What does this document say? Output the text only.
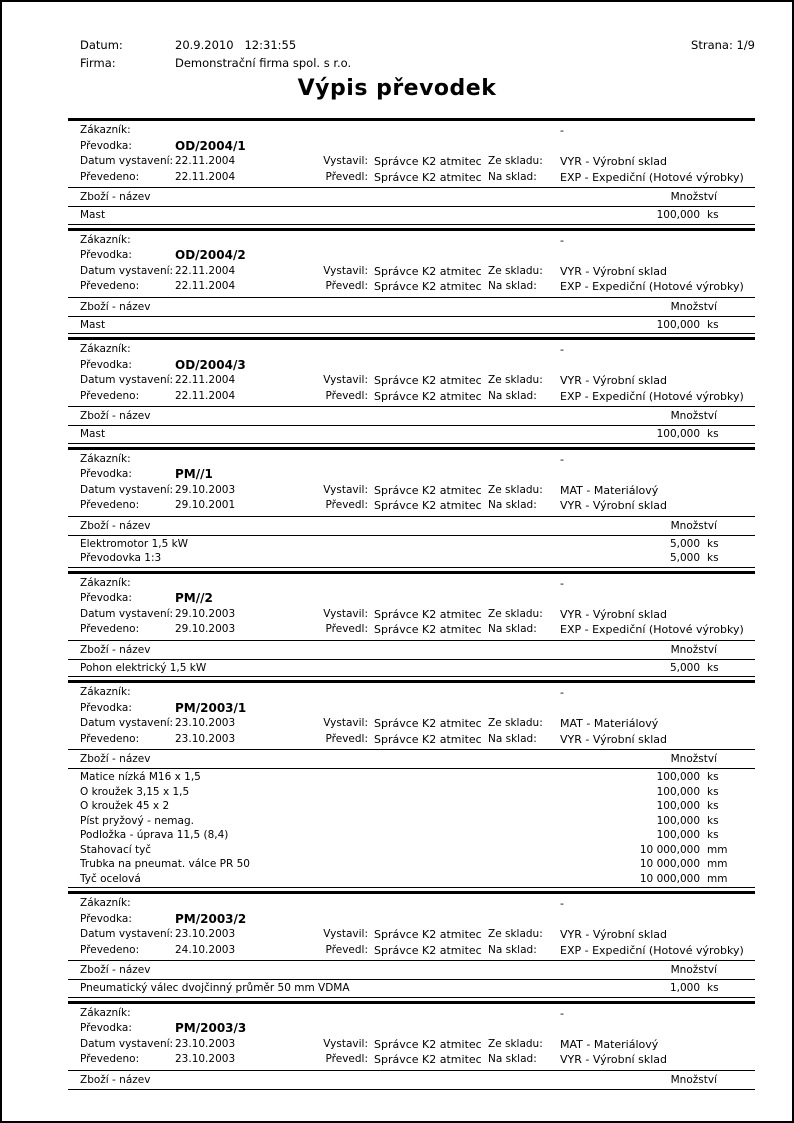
Datum:	20.9.2010   12:31:55	Strana: 1/9
Firma:	Demonstrační firma spol. s r.o.
Výpis převodek
Zákazník:	-
Převodka:	OD/2004/1
Datum vystavení: 22.11.2004	Vystavil: Správce K2 atmitec Ze skladu: VYR - Výrobní sklad
Převedeno:	22.11.2004	Převedl: Správce K2 atmitec Na sklad: EXP - Expediční (Hotové výrobky)
Zboží - název	Množství
Mast	100,000 ks
Zákazník:	-
Převodka:	OD/2004/2
Datum vystavení: 22.11.2004	Vystavil: Správce K2 atmitec Ze skladu: VYR - Výrobní sklad
Převedeno:	22.11.2004	Převedl: Správce K2 atmitec Na sklad: EXP - Expediční (Hotové výrobky)
Zboží - název	Množství
Mast	100,000 ks
Zákazník:	-
Převodka:	OD/2004/3
Datum vystavení: 22.11.2004	Vystavil: Správce K2 atmitec Ze skladu: VYR - Výrobní sklad
Převedeno:	22.11.2004	Převedl: Správce K2 atmitec Na sklad: EXP - Expediční (Hotové výrobky)
Zboží - název	Množství
Mast	100,000 ks
Zákazník:	-
Převodka:	PM//1
Datum vystavení: 29.10.2003	Vystavil: Správce K2 atmitec Ze skladu: MAT - Materiálový
Převedeno:	29.10.2001	Převedl: Správce K2 atmitec Na sklad: VYR - Výrobní sklad
Zboží - název	Množství
Elektromotor 1,5 kW	5,000 ks
Převodovka 1:3	5,000 ks
Zákazník:	-
Převodka:	PM//2
Datum vystavení: 29.10.2003	Vystavil: Správce K2 atmitec Ze skladu: VYR - Výrobní sklad
Převedeno:	29.10.2003	Převedl: Správce K2 atmitec Na sklad: EXP - Expediční (Hotové výrobky)
Zboží - název	Množství
Pohon elektrický 1,5 kW	5,000 ks
Zákazník:	-
Převodka:	PM/2003/1
Datum vystavení: 23.10.2003	Vystavil: Správce K2 atmitec Ze skladu: MAT - Materiálový
Převedeno:	23.10.2003	Převedl: Správce K2 atmitec Na sklad: VYR - Výrobní sklad
Zboží - název	Množství
Matice nízká M16 x 1,5	100,000 ks
O kroužek 3,15 x 1,5	100,000 ks
O kroužek 45 x 2	100,000 ks
Píst pryžový - nemag.	100,000 ks
Podložka - úprava 11,5 (8,4)	100,000 ks
Stahovací tyč	10 000,000 mm
Trubka na pneumat. válce PR 50	10 000,000 mm
Tyč ocelová	10 000,000 mm
Zákazník:	-
Převodka:	PM/2003/2
Datum vystavení: 23.10.2003	Vystavil: Správce K2 atmitec Ze skladu: VYR - Výrobní sklad
Převedeno:	24.10.2003	Převedl: Správce K2 atmitec Na sklad: EXP - Expediční (Hotové výrobky)
Zboží - název	Množství
Pneumatický válec dvojčinný průměr 50 mm VDMA	1,000 ks
Zákazník:	-
Převodka:	PM/2003/3
Datum vystavení: 23.10.2003	Vystavil: Správce K2 atmitec Ze skladu: MAT - Materiálový
Převedeno:	23.10.2003	Převedl: Správce K2 atmitec Na sklad: VYR - Výrobní sklad
Zboží - název	Množství
